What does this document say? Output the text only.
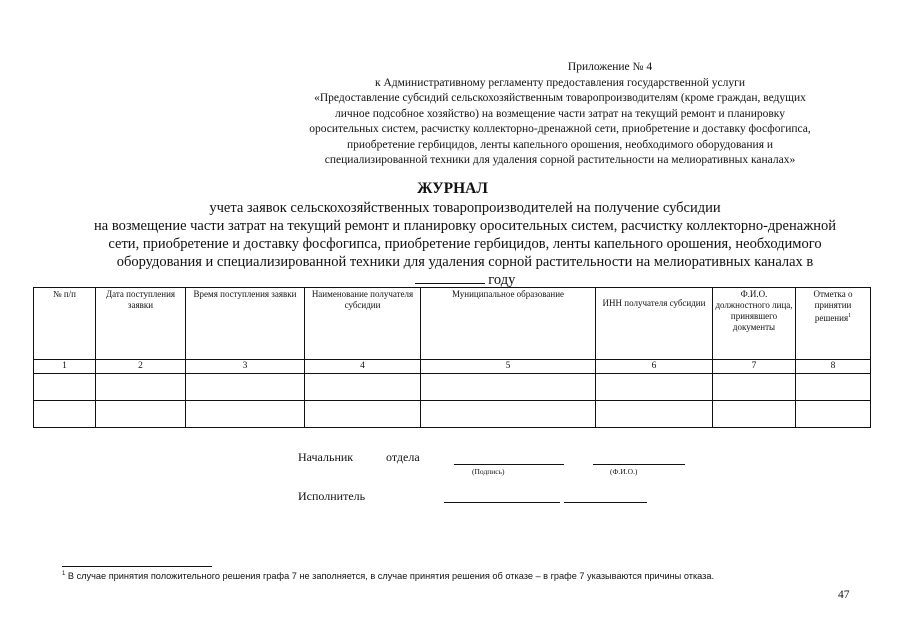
Приложение № 4
к Административному регламенту предоставления государственной услуги
«Предоставление субсидий сельскохозяйственным товаропроизводителям (кроме граждан, ведущих
личное подсобное хозяйство) на возмещение части затрат на текущий ремонт и планировку
оросительных систем, расчистку коллекторно-дренажной сети, приобретение и доставку фосфогипса,
приобретение гербицидов, ленты капельного орошения, необходимого оборудования и
специализированной техники для удаления сорной растительности на мелиоративных каналах»
ЖУРНАЛ
учета заявок сельскохозяйственных товаропроизводителей на получение субсидии
на возмещение части затрат на текущий ремонт и планировку оросительных систем, расчистку коллекторно-дренажной
сети, приобретение и доставку фосфогипса, приобретение гербицидов, ленты капельного орошения, необходимого
оборудования и специализированной техники для удаления сорной растительности на мелиоративных каналах в
году
№ п/п	Дата поступления заявки	Время поступления заявки	Наименование получателя субсидии	Муниципальное образование	ИНН получателя субсидии	Ф.И.О. должностного лица, принявшего документы	Отметка о принятии решения$^1$
1	2	3	4	5	6	7	8

Начальник	отдела
(Подпись)	(Ф.И.О.)
Исполнитель
$^1$ В случае принятия положительного решения графа 7 не заполняется, в случае принятия решения об отказе – в графе 7 указываются причины отказа.
47
